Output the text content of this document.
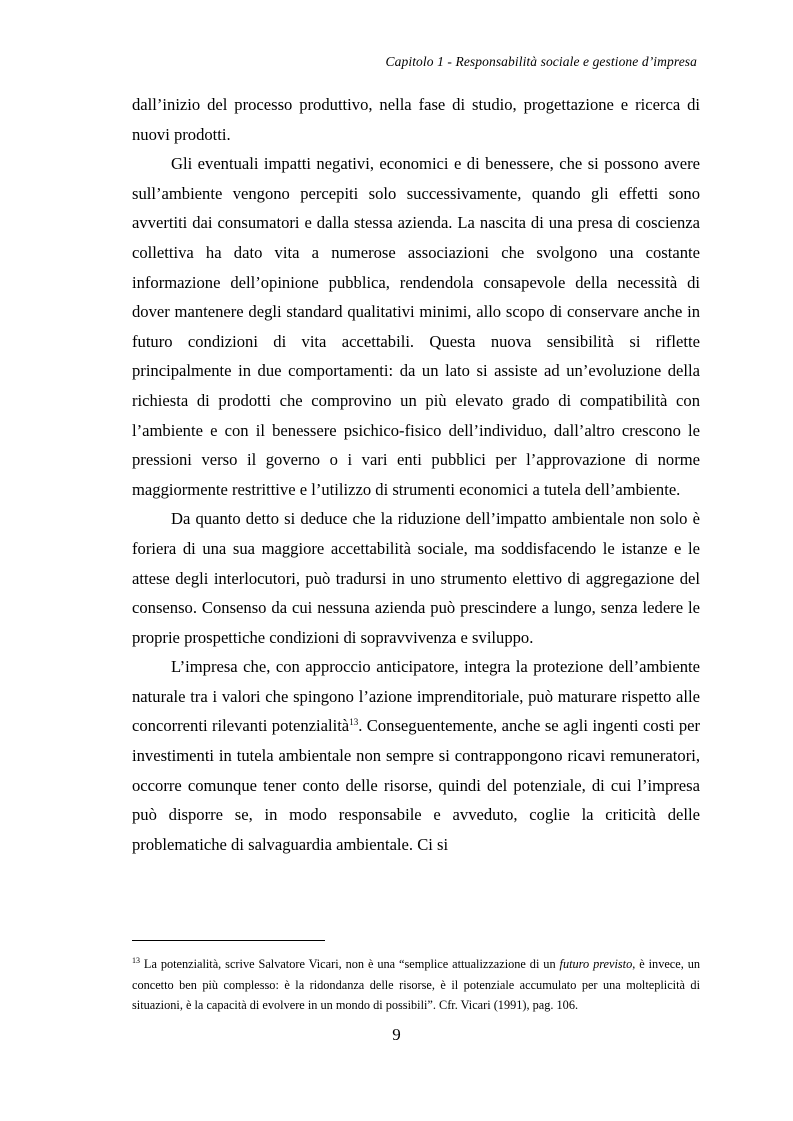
Capitolo 1 - Responsabilità sociale e gestione d’impresa

dall’inizio del processo produttivo, nella fase di studio, progettazione e ricerca di nuovi prodotti.

Gli eventuali impatti negativi, economici e di benessere, che si possono avere sull’ambiente vengono percepiti solo successivamente, quando gli effetti sono avvertiti dai consumatori e dalla stessa azienda. La nascita di una presa di coscienza collettiva ha dato vita a numerose associazioni che svolgono una costante informazione dell’opinione pubblica, rendendola consapevole della necessità di dover mantenere degli standard qualitativi minimi, allo scopo di conservare anche in futuro condizioni di vita accettabili. Questa nuova sensibilità si riflette principalmente in due comportamenti: da un lato si assiste ad un’evoluzione della richiesta di prodotti che comprovino un più elevato grado di compatibilità con l’ambiente e con il benessere psichico-fisico dell’individuo, dall’altro crescono le pressioni verso il governo o i vari enti pubblici per l’approvazione di norme maggiormente restrittive e l’utilizzo di strumenti economici a tutela dell’ambiente.

Da quanto detto si deduce che la riduzione dell’impatto ambientale non solo è foriera di una sua maggiore accettabilità sociale, ma soddisfacendo le istanze e le attese degli interlocutori, può tradursi in uno strumento elettivo di aggregazione del consenso. Consenso da cui nessuna azienda può prescindere a lungo, senza ledere le proprie prospettiche condizioni di sopravvivenza e sviluppo.

L’impresa che, con approccio anticipatore, integra la protezione dell’ambiente naturale tra i valori che spingono l’azione imprenditoriale, può maturare rispetto alle concorrenti rilevanti potenzialità$^{13}$. Conseguentemente, anche se agli ingenti costi per investimenti in tutela ambientale non sempre si contrappongono ricavi remuneratori, occorre comunque tener conto delle risorse, quindi del potenziale, di cui l’impresa può disporre se, in modo responsabile e avveduto, coglie la criticità delle problematiche di salvaguardia ambientale. Ci si

$^{13}$ La potenzialità, scrive Salvatore Vicari, non è una “semplice attualizzazione di un futuro previsto, è invece, un concetto ben più complesso: è la ridondanza delle risorse, è il potenziale accumulato per una molteplicità di situazioni, è la capacità di evolvere in un mondo di possibili”. Cfr. Vicari (1991), pag. 106.

9
